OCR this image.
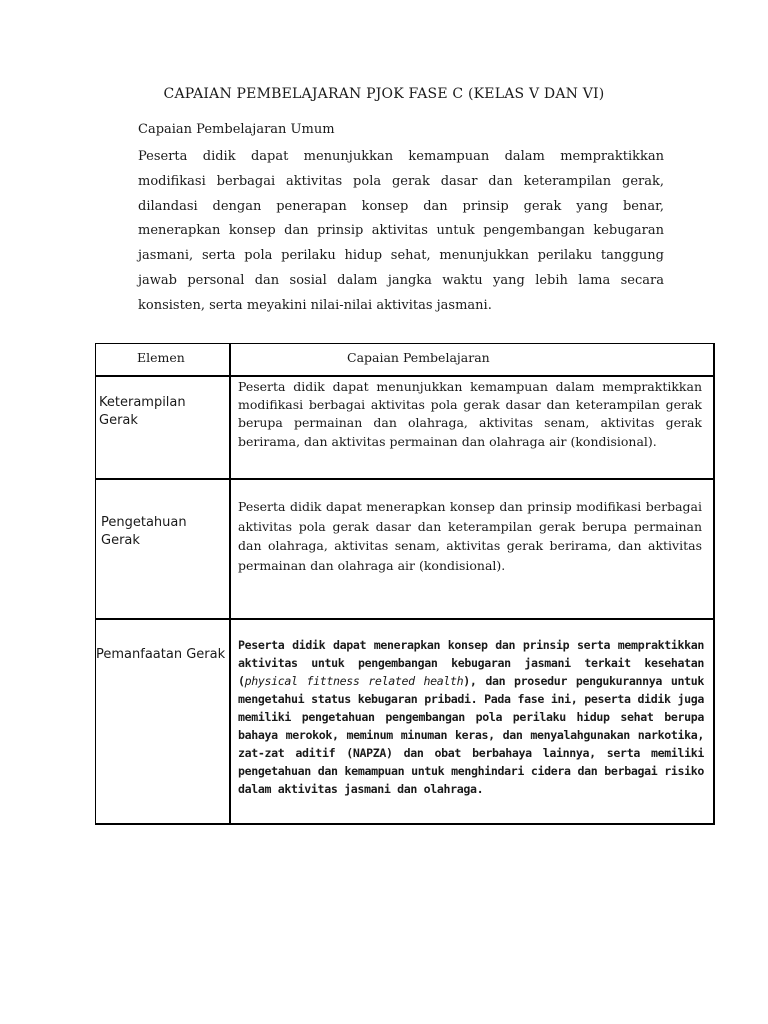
CAPAIAN PEMBELAJARAN PJOK FASE C (KELAS V DAN VI)
Capaian Pembelajaran Umum
Peserta didik dapat menunjukkan kemampuan dalam mempraktikkan modifikasi berbagai aktivitas pola gerak dasar dan keterampilan gerak, dilandasi dengan penerapan konsep dan prinsip gerak yang benar, menerapkan konsep dan prinsip aktivitas untuk pengembangan kebugaran jasmani, serta pola perilaku hidup sehat, menunjukkan perilaku tanggung jawab personal dan sosial dalam jangka waktu yang lebih lama secara konsisten, serta meyakini nilai-nilai aktivitas jasmani.
Elemen	Capaian Pembelajaran
Keterampilan Gerak
Peserta didik dapat menunjukkan kemampuan dalam mempraktikkan modifikasi berbagai aktivitas pola gerak dasar dan keterampilan gerak berupa permainan dan olahraga, aktivitas senam, aktivitas gerak berirama, dan aktivitas permainan dan olahraga air (kondisional).
Pengetahuan Gerak
Peserta didik dapat menerapkan konsep dan prinsip modifikasi berbagai aktivitas pola gerak dasar dan keterampilan gerak berupa permainan dan olahraga, aktivitas senam, aktivitas gerak berirama, dan aktivitas permainan dan olahraga air (kondisional).
Pemanfaatan Gerak
Peserta didik dapat menerapkan konsep dan prinsip serta mempraktikkan aktivitas untuk pengembangan kebugaran jasmani terkait kesehatan (physical fittness related health), dan prosedur pengukurannya untuk mengetahui status kebugaran pribadi. Pada fase ini, peserta didik juga memiliki pengetahuan pengembangan pola perilaku hidup sehat berupa bahaya merokok, meminum minuman keras, dan menyalahgunakan narkotika, zat-zat aditif (NAPZA) dan obat berbahaya lainnya, serta memiliki pengetahuan dan kemampuan untuk menghindari cidera dan berbagai risiko dalam aktivitas jasmani dan olahraga.
